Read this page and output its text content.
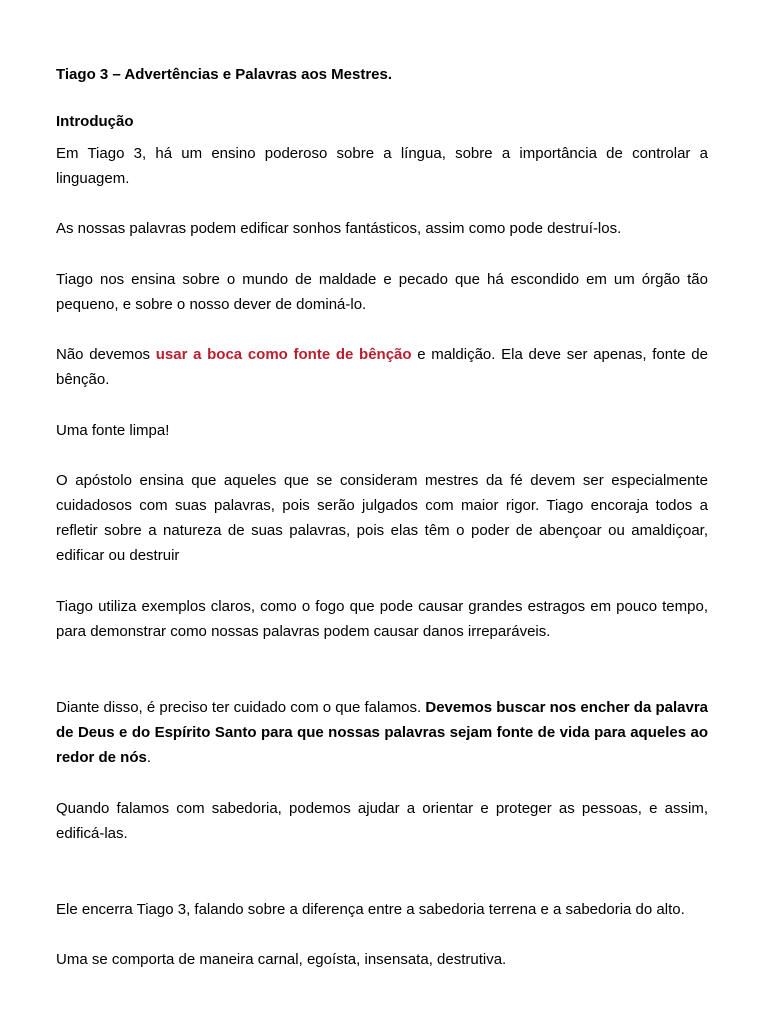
Tiago 3 – Advertências e Palavras aos Mestres.

Introdução

Em Tiago 3, há um ensino poderoso sobre a língua, sobre a importância de controlar a linguagem.

As nossas palavras podem edificar sonhos fantásticos, assim como pode destruí-los.

Tiago nos ensina sobre o mundo de maldade e pecado que há escondido em um órgão tão pequeno, e sobre o nosso dever de dominá-lo.

Não devemos usar a boca como fonte de bênção e maldição. Ela deve ser apenas, fonte de bênção.

Uma fonte limpa!

O apóstolo ensina que aqueles que se consideram mestres da fé devem ser especialmente cuidadosos com suas palavras, pois serão julgados com maior rigor. Tiago encoraja todos a refletir sobre a natureza de suas palavras, pois elas têm o poder de abençoar ou amaldiçoar, edificar ou destruir

Tiago utiliza exemplos claros, como o fogo que pode causar grandes estragos em pouco tempo, para demonstrar como nossas palavras podem causar danos irreparáveis.

Diante disso, é preciso ter cuidado com o que falamos. Devemos buscar nos encher da palavra de Deus e do Espírito Santo para que nossas palavras sejam fonte de vida para aqueles ao redor de nós.

Quando falamos com sabedoria, podemos ajudar a orientar e proteger as pessoas, e assim, edificá-las.

Ele encerra Tiago 3, falando sobre a diferença entre a sabedoria terrena e a sabedoria do alto.

Uma se comporta de maneira carnal, egoísta, insensata, destrutiva.
